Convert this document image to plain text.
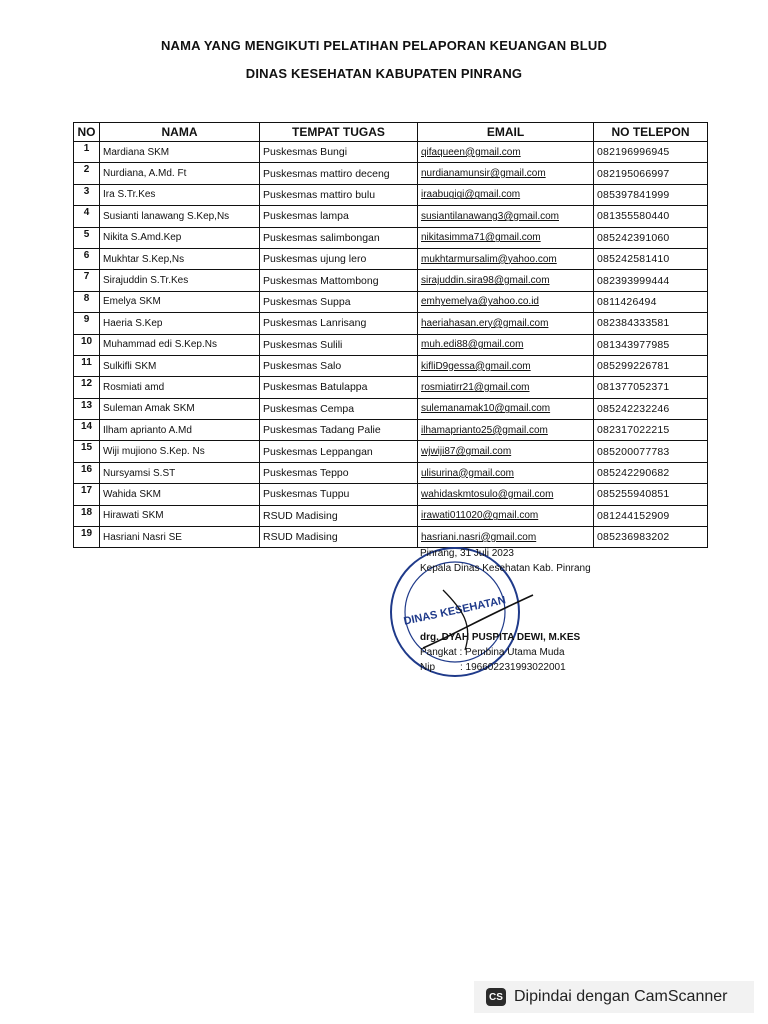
NAMA YANG MENGIKUTI PELATIHAN PELAPORAN KEUANGAN BLUD
DINAS KESEHATAN KABUPATEN PINRANG
NO	NAMA	TEMPAT TUGAS	EMAIL	NO TELEPON
1	Mardiana SKM	Puskesmas Bungi	qifaqueen@gmail.com	082196996945
2	Nurdiana, A.Md. Ft	Puskesmas mattiro deceng	nurdianamunsir@gmail.com	082195066997
3	Ira S.Tr.Kes	Puskesmas mattiro bulu	iraabugigi@gmail.com	085397841999
4	Susianti lanawang S.Kep,Ns	Puskesmas lampa	susiantilanawang3@gmail.com	081355580440
5	Nikita S.Amd.Kep	Puskesmas salimbongan	nikitasimma71@gmail.com	085242391060
6	Mukhtar S.Kep,Ns	Puskesmas ujung lero	mukhtarmursalim@yahoo.com	085242581410
7	Sirajuddin S.Tr.Kes	Puskesmas Mattombong	sirajuddin.sira98@gmail.com	082393999444
8	Emelya SKM	Puskesmas Suppa	emhyemelya@yahoo.co.id	0811426494
9	Haeria S.Kep	Puskesmas Lanrisang	haeriahasan.ery@gmail.com	082384333581
10	Muhammad edi S.Kep.Ns	Puskesmas Sulili	muh.edi88@gmail.com	081343977985
11	Sulkifli SKM	Puskesmas Salo	kifliD9gessa@gmail.com	085299226781
12	Rosmiati amd	Puskesmas Batulappa	rosmiatirr21@gmail.com	081377052371
13	Suleman Amak SKM	Puskesmas Cempa	sulemanamak10@gmail.com	085242232246
14	Ilham aprianto A.Md	Puskesmas Tadang Palie	ilhamaprianto25@gmail.com	082317022215
15	Wiji mujiono S.Kep. Ns	Puskesmas Leppangan	wjwiji87@gmail.com	085200077783
16	Nursyamsi S.ST	Puskesmas Teppo	ulisurina@gmail.com	085242290682
17	Wahida SKM	Puskesmas Tuppu	wahidaskmtosulo@gmail.com	085255940851
18	Hirawati SKM	RSUD Madising	irawati011020@gmail.com	081244152909
19	Hasriani Nasri SE	RSUD Madising	hasriani.nasri@gmail.com	085236983202
DINAS KESEHATAN
Pinrang, 31 Juli 2023
Kepala Dinas Kesehatan Kab. Pinrang
drg. DYAH PUSPITA DEWI, M.KES
Pangkat : Pembina Utama Muda
Nip : 196602231993022001
CS Dipindai dengan CamScanner
